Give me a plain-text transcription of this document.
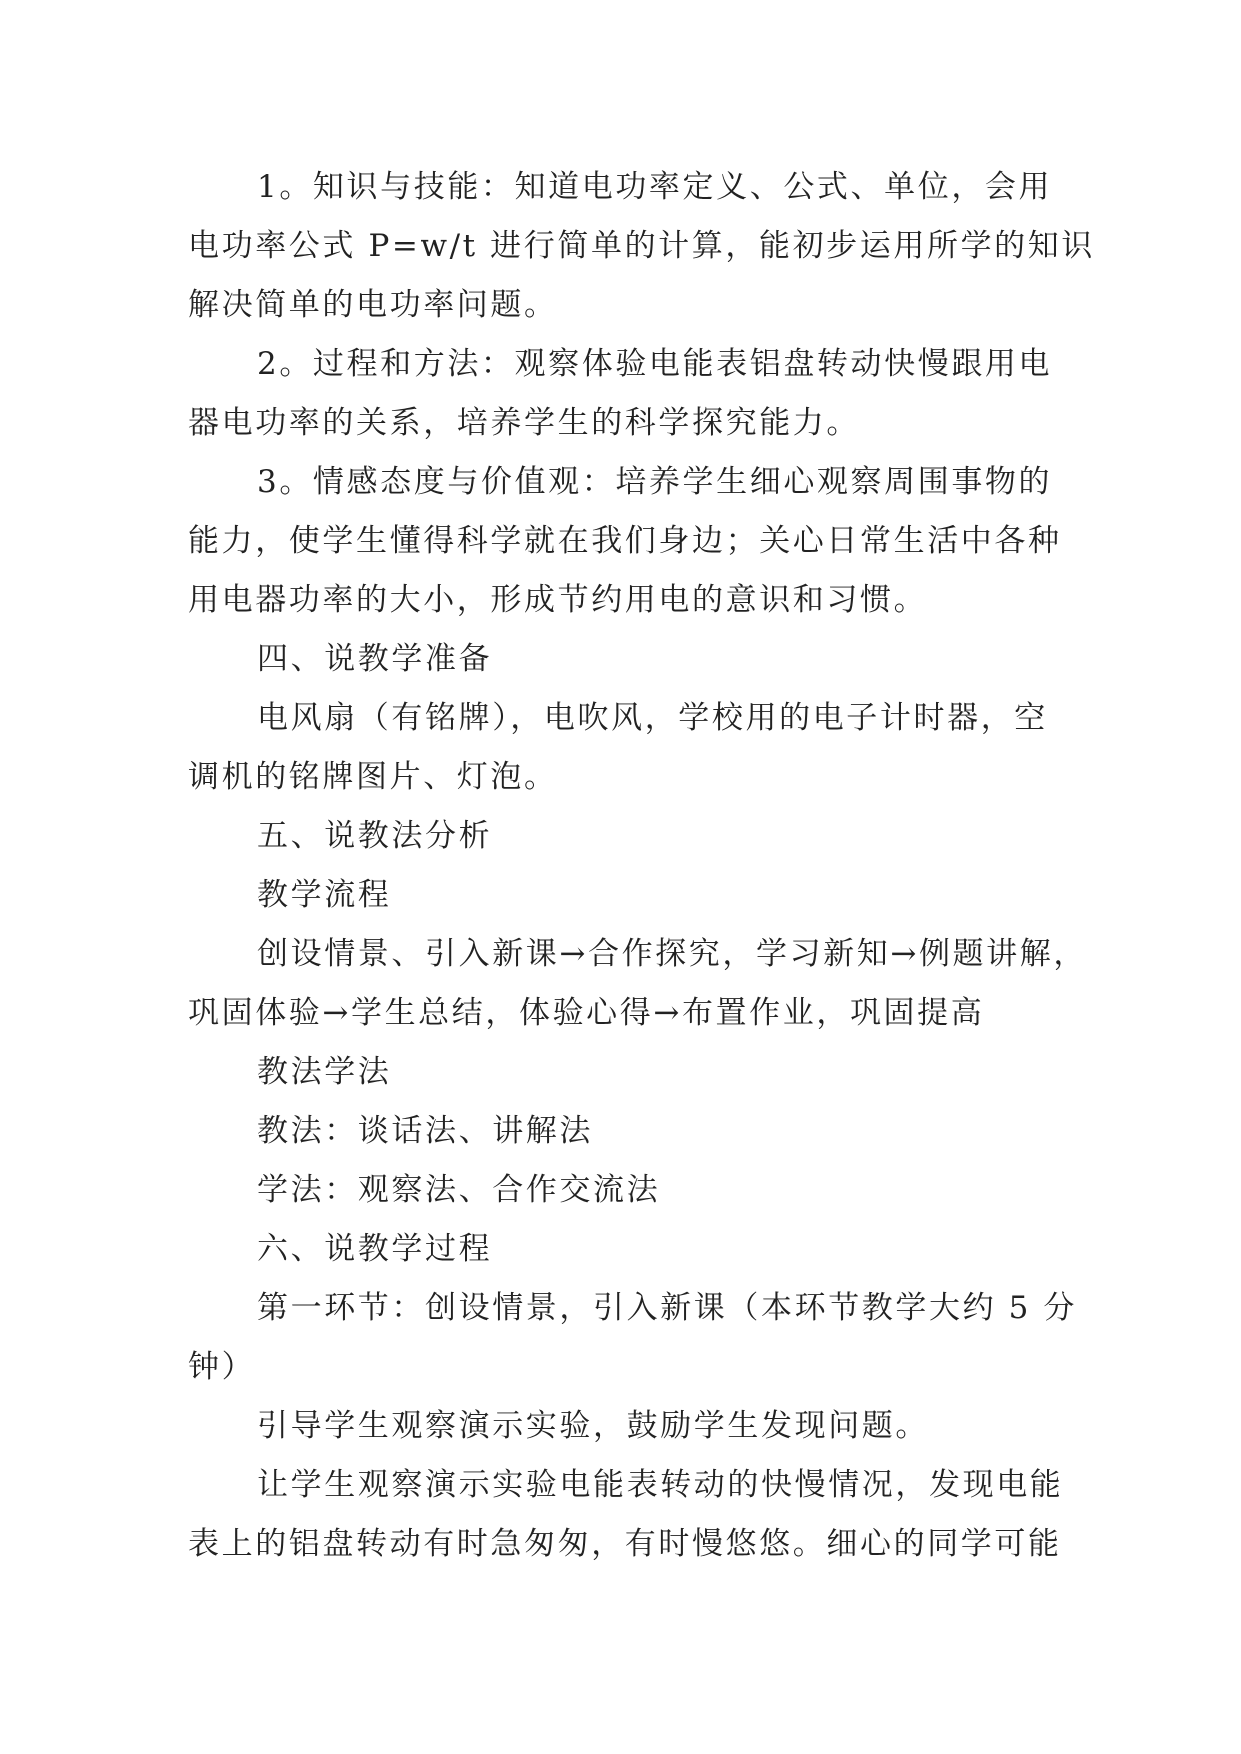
1。知识与技能：知道电功率定义、公式、单位，会用
电功率公式 P=w/t 进行简单的计算，能初步运用所学的知识
解决简单的电功率问题。

2。过程和方法：观察体验电能表铝盘转动快慢跟用电
器电功率的关系，培养学生的科学探究能力。

3。情感态度与价值观：培养学生细心观察周围事物的
能力，使学生懂得科学就在我们身边；关心日常生活中各种
用电器功率的大小，形成节约用电的意识和习惯。

四、说教学准备

电风扇（有铭牌），电吹风，学校用的电子计时器，空
调机的铭牌图片、灯泡。

五、说教法分析

教学流程

创设情景、引入新课→合作探究，学习新知→例题讲解，
巩固体验→学生总结，体验心得→布置作业，巩固提高

教法学法

教法：谈话法、讲解法

学法：观察法、合作交流法

六、说教学过程

第一环节：创设情景，引入新课（本环节教学大约 5 分
钟）

引导学生观察演示实验，鼓励学生发现问题。

让学生观察演示实验电能表转动的快慢情况，发现电能
表上的铝盘转动有时急匆匆，有时慢悠悠。细心的同学可能
